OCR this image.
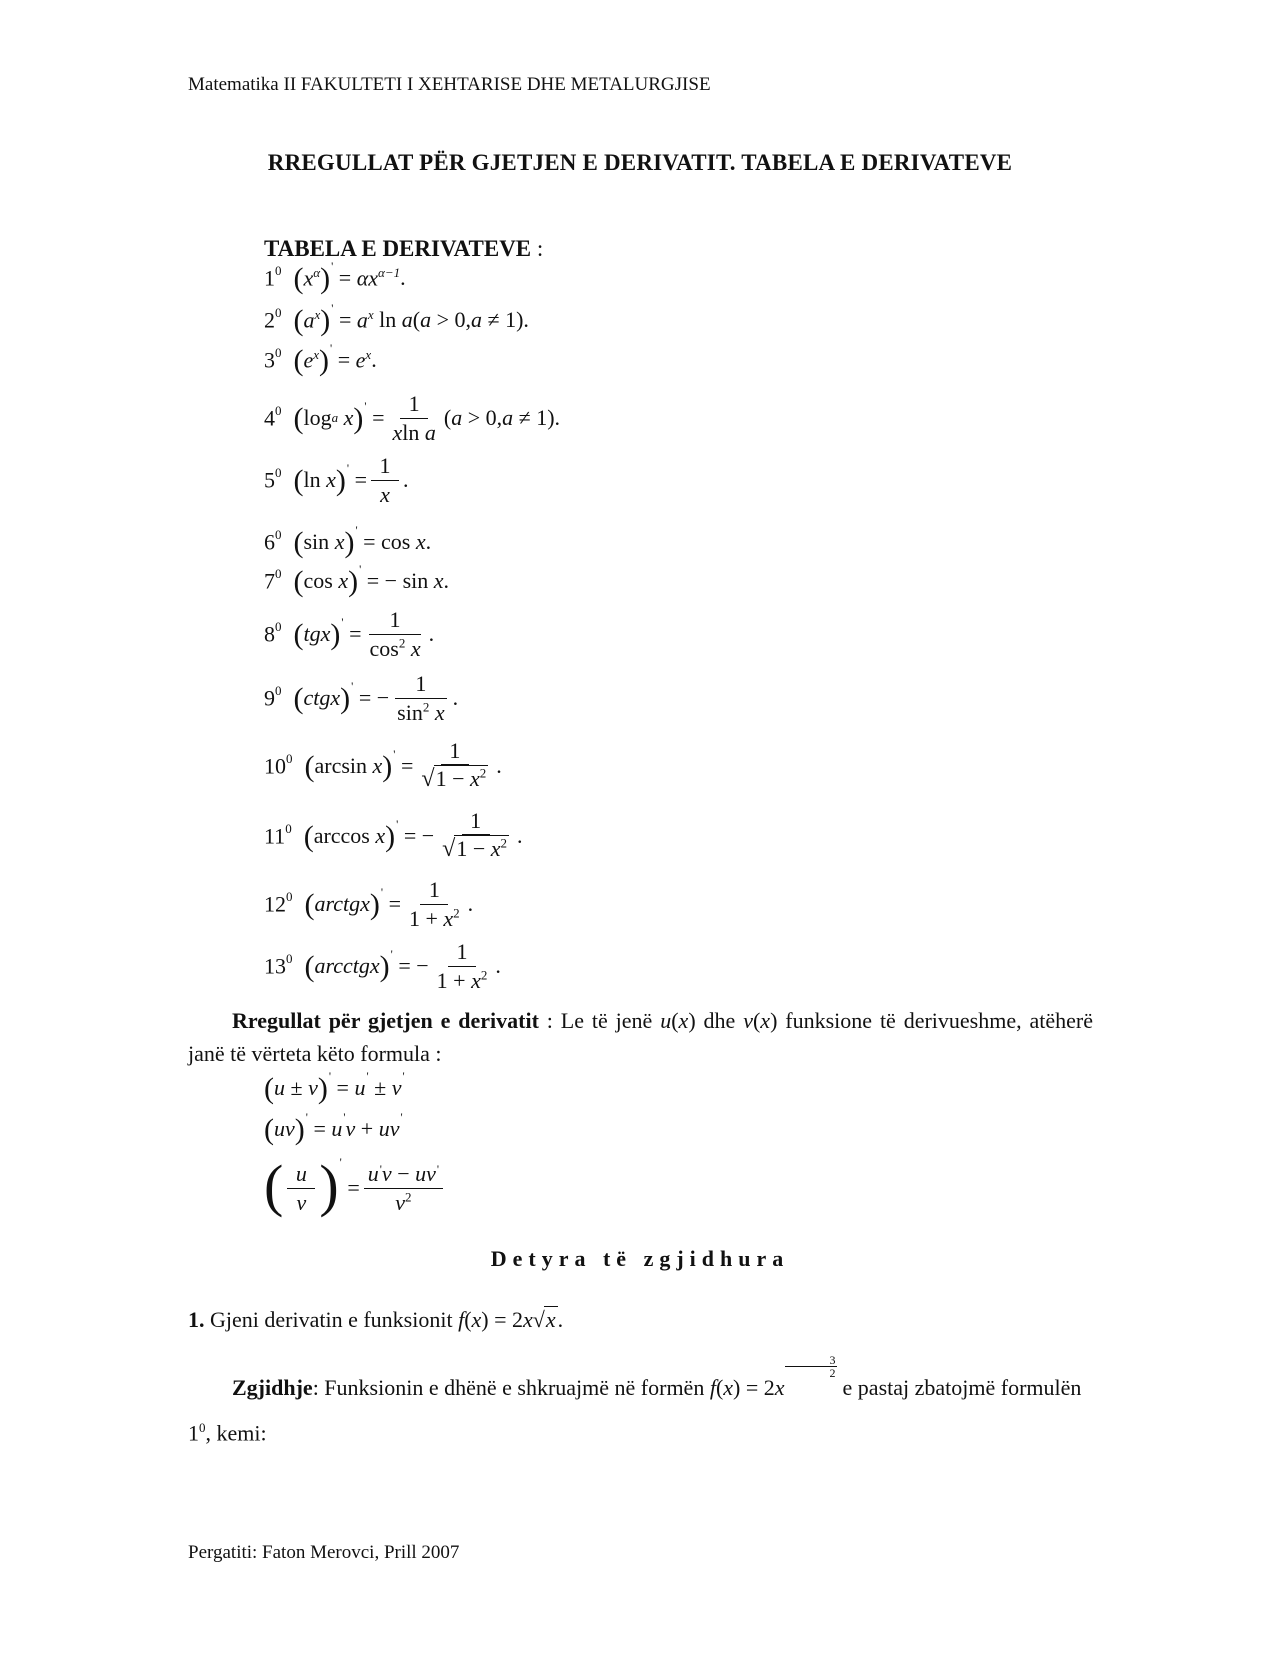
Matematika II FAKULTETI I XEHTARISE DHE METALURGJISE
RREGULLAT PËR GJETJEN E DERIVATIT. TABELA E DERIVATEVE
TABELA E DERIVATEVE :
$1^0$ ( $x^\alpha$ ) ' = $\alpha x^{\alpha-1}$ .
$2^0$ ( $a^x$ ) ' = $a^x$ ln a ( a > 0, a ≠ 1).
$3^0$ ( $e^x$ ) ' = $e^x$ .
$4^0$ ( log a x ) ' = $\frac{1}{\text{xln a}}$ ( a > 0, a ≠ 1).
$5^0$ ( ln x ) ' = $\frac{1}{x}$ .
$6^0$ ( sin x ) ' = cos x .
$7^0$ ( cos x ) ' = − sin x .
$8^0$ ( tgx ) ' = $\frac{1}{\cos^2 x}$ .
$9^0$ ( ctgx ) ' = − $\frac{1}{\sin^2 x}$ .
$10^0$ ( arcsin x ) ' = $\frac{1}{√1 - x^2}$ .
$11^0$ ( arccos x ) ' = − $\frac{1}{√1 - x^2}$ .
$12^0$ ( arctgx ) ' = $\frac{1}{1 + x^2}$ .
$13^0$ ( arcctgx ) ' = − $\frac{1}{1 + x^2}$ .
Rregullat për gjetjen e derivatit : Le të jenë u(x) dhe v(x) funksione të derivueshme, atëherë janë të vërteta këto formula :
( u ± v ) ' = u ' ± v '
( uv ) ' = u ' v + uv '
( $\frac{u}{v}$ ) '
= $\frac{u'v - uv'}{v^2}$
Detyra të zgjidhura
1. Gjeni derivatin e funksionit f(x) = 2x√x.
Zgjidhje: Funksionin e dhënë e shkruajmë në formën f(x) = 2x
$\frac{3}{2}$
e pastaj zbatojmë formulën $1^0$, kemi:
Pergatiti: Faton Merovci, Prill 2007
